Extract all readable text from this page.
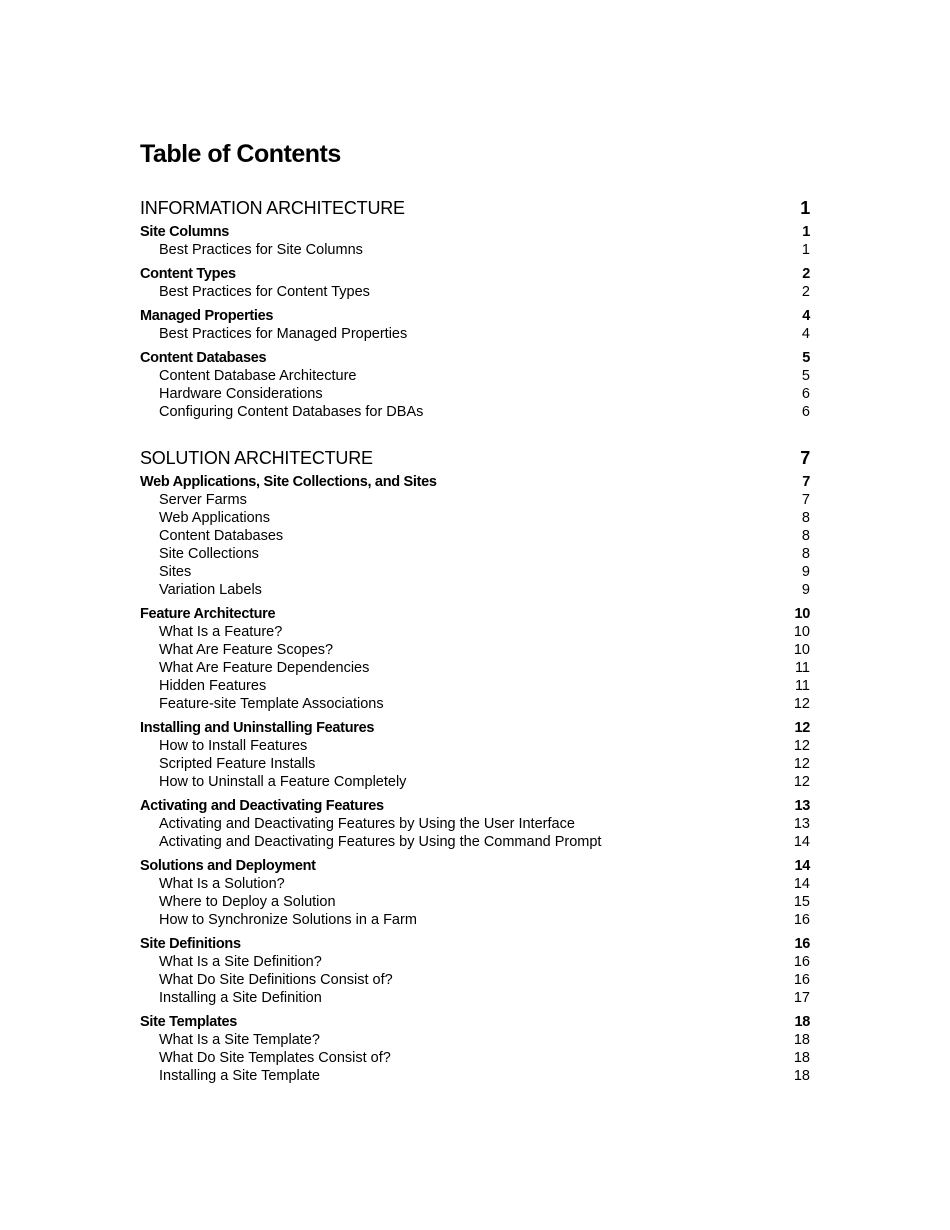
Table of Contents
INFORMATION ARCHITECTURE	1
Site Columns	1
Best Practices for Site Columns	1
Content Types	2
Best Practices for Content Types	2
Managed Properties	4
Best Practices for Managed Properties	4
Content Databases	5
Content Database Architecture	5
Hardware Considerations	6
Configuring Content Databases for DBAs	6
SOLUTION ARCHITECTURE	7
Web Applications, Site Collections, and Sites	7
Server Farms	7
Web Applications	8
Content Databases	8
Site Collections	8
Sites	9
Variation Labels	9
Feature Architecture	10
What Is a Feature?	10
What Are Feature Scopes?	10
What Are Feature Dependencies	11
Hidden Features	11
Feature-site Template Associations	12
Installing and Uninstalling Features	12
How to Install Features	12
Scripted Feature Installs	12
How to Uninstall a Feature Completely	12
Activating and Deactivating Features	13
Activating and Deactivating Features by Using the User Interface	13
Activating and Deactivating Features by Using the Command Prompt	14
Solutions and Deployment	14
What Is a Solution?	14
Where to Deploy a Solution	15
How to Synchronize Solutions in a Farm	16
Site Definitions	16
What Is a Site Definition?	16
What Do Site Definitions Consist of?	16
Installing a Site Definition	17
Site Templates	18
What Is a Site Template?	18
What Do Site Templates Consist of?	18
Installing a Site Template	18
